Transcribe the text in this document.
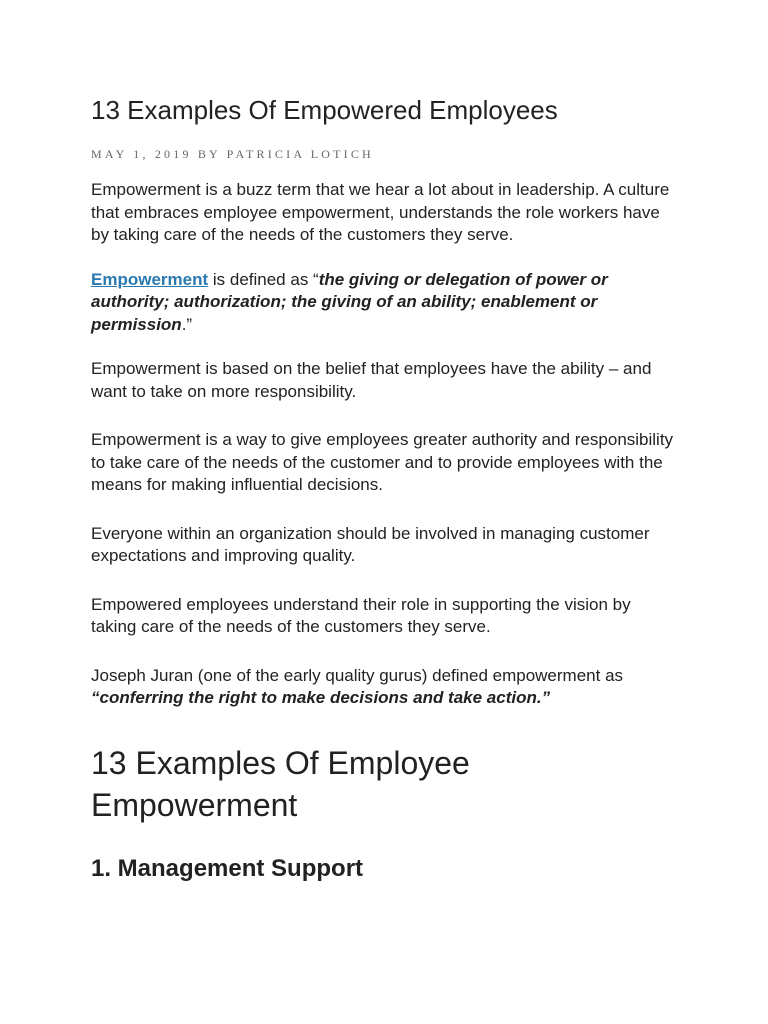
13 Examples Of Empowered Employees
MAY 1, 2019 BY PATRICIA LOTICH

Empowerment is a buzz term that we hear a lot about in leadership. A culture that embraces employee empowerment, understands the role workers have by taking care of the needs of the customers they serve.

Empowerment is defined as “the giving or delegation of power or authority; authorization; the giving of an ability; enablement or permission.”

Empowerment is based on the belief that employees have the ability – and want to take on more responsibility.

Empowerment is a way to give employees greater authority and responsibility to take care of the needs of the customer and to provide employees with the means for making influential decisions.

Everyone within an organization should be involved in managing customer expectations and improving quality.

Empowered employees understand their role in supporting the vision by taking care of the needs of the customers they serve.

Joseph Juran (one of the early quality gurus) defined empowerment as “conferring the right to make decisions and take action.”

13 Examples Of Employee Empowerment
1. Management Support
